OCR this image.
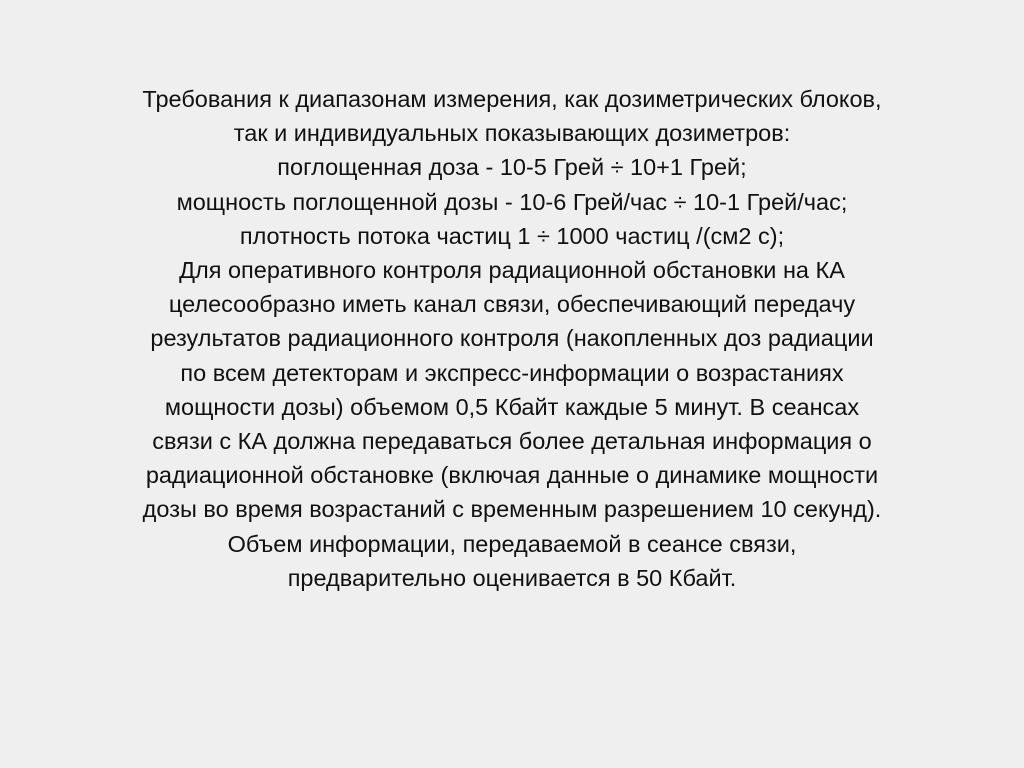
Требования к диапазонам измерения, как дозиметрических блоков,
так и индивидуальных показывающих дозиметров:
поглощенная доза - 10-5 Грей ÷ 10+1 Грей;
мощность поглощенной дозы - 10-6 Грей/час ÷ 10-1 Грей/час;
плотность потока частиц 1 ÷ 1000 частиц /(см2 с);
Для оперативного контроля радиационной обстановки на КА
целесообразно иметь канал связи, обеспечивающий передачу
результатов радиационного контроля (накопленных доз радиации
по всем детекторам и экспресс-информации о возрастаниях
мощности дозы) объемом 0,5 Кбайт каждые 5 минут. В сеансах
связи с КА должна передаваться более детальная информация о
радиационной обстановке (включая данные о динамике мощности
дозы во время возрастаний с временным разрешением 10 секунд).
Объем информации, передаваемой в сеансе связи,
предварительно оценивается в 50 Кбайт.
